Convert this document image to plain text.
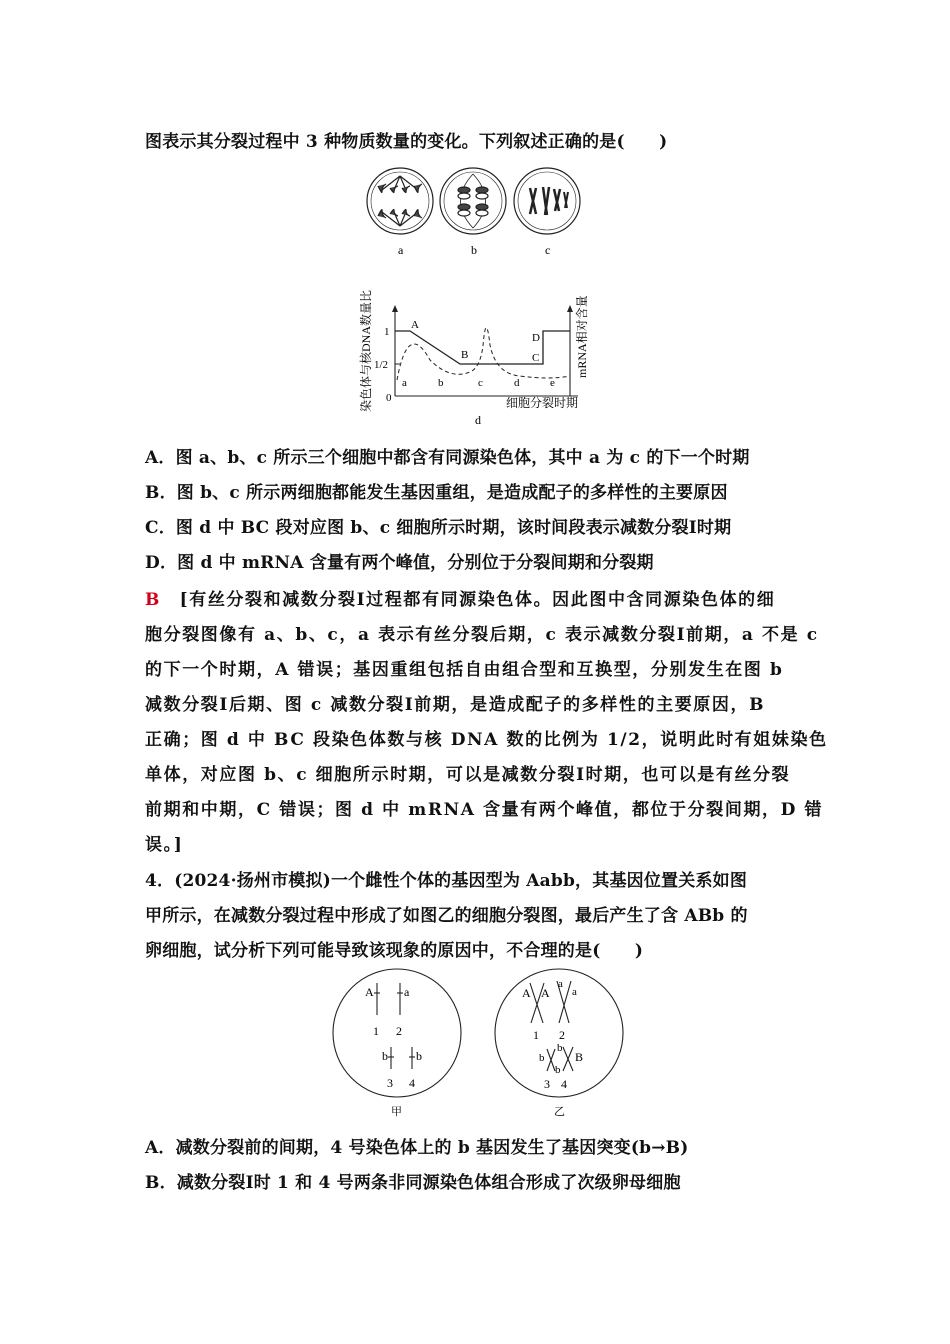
图表示其分裂过程中 3 种物质数量的变化。下列叙述正确的是(　　)
a	b	c
染色体与核DNA数量比	mRNA相对含量
细胞分裂时期
1
1/2
0
A
B	C
D
a	b	c	d	e
d
A．图 a、b、c 所示三个细胞中都含有同源染色体，其中 a 为 c 的下一个时期
B．图 b、c 所示两细胞都能发生基因重组，是造成配子的多样性的主要原因
C．图 d 中 BC 段对应图 b、c 细胞所示时期，该时间段表示减数分裂Ⅰ时期
D．图 d 中 mRNA 含量有两个峰值，分别位于分裂间期和分裂期
B　 [有丝分裂和减数分裂Ⅰ过程都有同源染色体。因此图中含同源染色体的细
胞分裂图像有 a、b、c，a 表示有丝分裂后期，c 表示减数分裂Ⅰ前期，a 不是 c
的下一个时期，A 错误；基因重组包括自由组合型和互换型，分别发生在图 b
减数分裂Ⅰ后期、图 c 减数分裂Ⅰ前期，是造成配子的多样性的主要原因，B
正确；图 d 中 BC 段染色体数与核 DNA 数的比例为 1/2，说明此时有姐妹染色
单体，对应图 b、c 细胞所示时期，可以是减数分裂Ⅰ时期，也可以是有丝分裂
前期和中期，C 错误；图 d 中 mRNA 含量有两个峰值，都位于分裂间期，D 错
误。]
4．(2024·扬州市模拟)一个雌性个体的基因型为 Aabb，其基因位置关系如图
甲所示，在减数分裂过程中形成了如图乙的细胞分裂图，最后产生了含 ABb 的
卵细胞，试分析下列可能导致该现象的原因中，不合理的是(　　)
A	a
b b
1 2
3 4
甲
A A
a
a
b
b
b
B
1 2
3 4
乙
A．减数分裂前的间期，4 号染色体上的 b 基因发生了基因突变(b→B)
B．减数分裂Ⅰ时 1 和 4 号两条非同源染色体组合形成了次级卵母细胞
